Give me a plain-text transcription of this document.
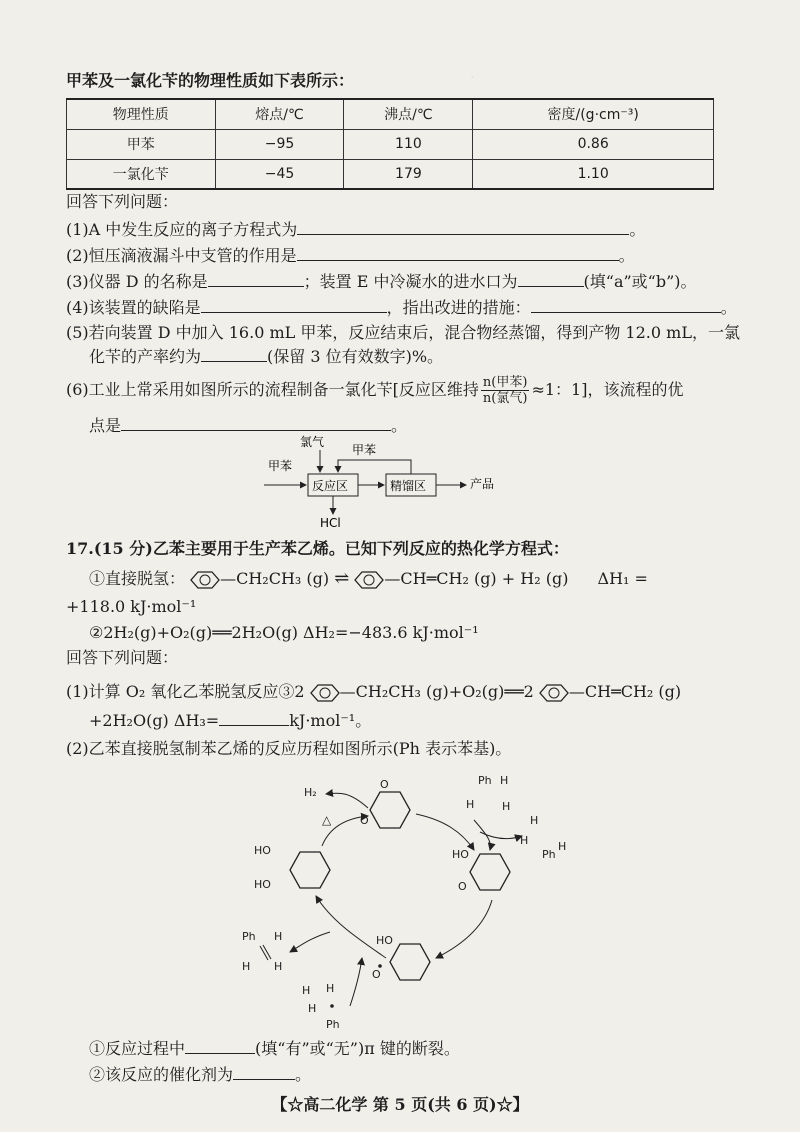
·
甲苯及一氯化苄的物理性质如下表所示：
物理性质	熔点/℃	沸点/℃	密度/(g·cm⁻³)
甲苯	−95	110	0.86
一氯化苄	−45	179	1.10
回答下列问题：
(1)A 中发生反应的离子方程式为	。
(2)恒压滴液漏斗中支管的作用是	。
(3)仪器 D 的名称是	；装置 E 中冷凝水的进水口为	(填“a”或“b”)。
(4)该装置的缺陷是	，指出改进的措施：	。
(5)若向装置 D 中加入 16.0 mL 甲苯，反应结束后，混合物经蒸馏，得到产物 12.0 mL，一氯
化苄的产率约为	(保留 3 位有效数字)%。
(6)工业上常采用如图所示的流程制备一氯化苄[反应区维持 $\frac{\text{n(甲苯)}}{\text{n(氯气)}} \approx 1$：1]，该流程的优
点是	。
氯气
甲苯
甲苯
产品
HCl
反应区	精馏区
17.(15 分)乙苯主要用于生产苯乙烯。已知下列反应的热化学方程式：
①直接脱氢： —CH₂CH₃ (g) ⇌ —CH═CH₂ (g) + H₂ (g) ΔH₁ =
+118.0 kJ·mol⁻¹
②2H₂(g)+O₂(g)══2H₂O(g) ΔH₂=−483.6 kJ·mol⁻¹
回答下列问题：
(1)计算 O₂ 氧化乙苯脱氢反应③2 —CH₂CH₃ (g)+O₂(g)══2 —CH═CH₂ (g)
+2H₂O(g) ΔH₃=	kJ·mol⁻¹。
(2)乙苯直接脱氢制苯乙烯的反应历程如图所示(Ph 表示苯基)。
O
O
H₂
△
HO
HO
HO
O
Ph H
H	H
H
H
Ph
H
HO
O
Ph H
H H
H H
H
Ph
①反应过程中	(填“有”或“无”)π 键的断裂。
②该反应的催化剂为	。
【☆高二化学 第 5 页(共 6 页)☆】
